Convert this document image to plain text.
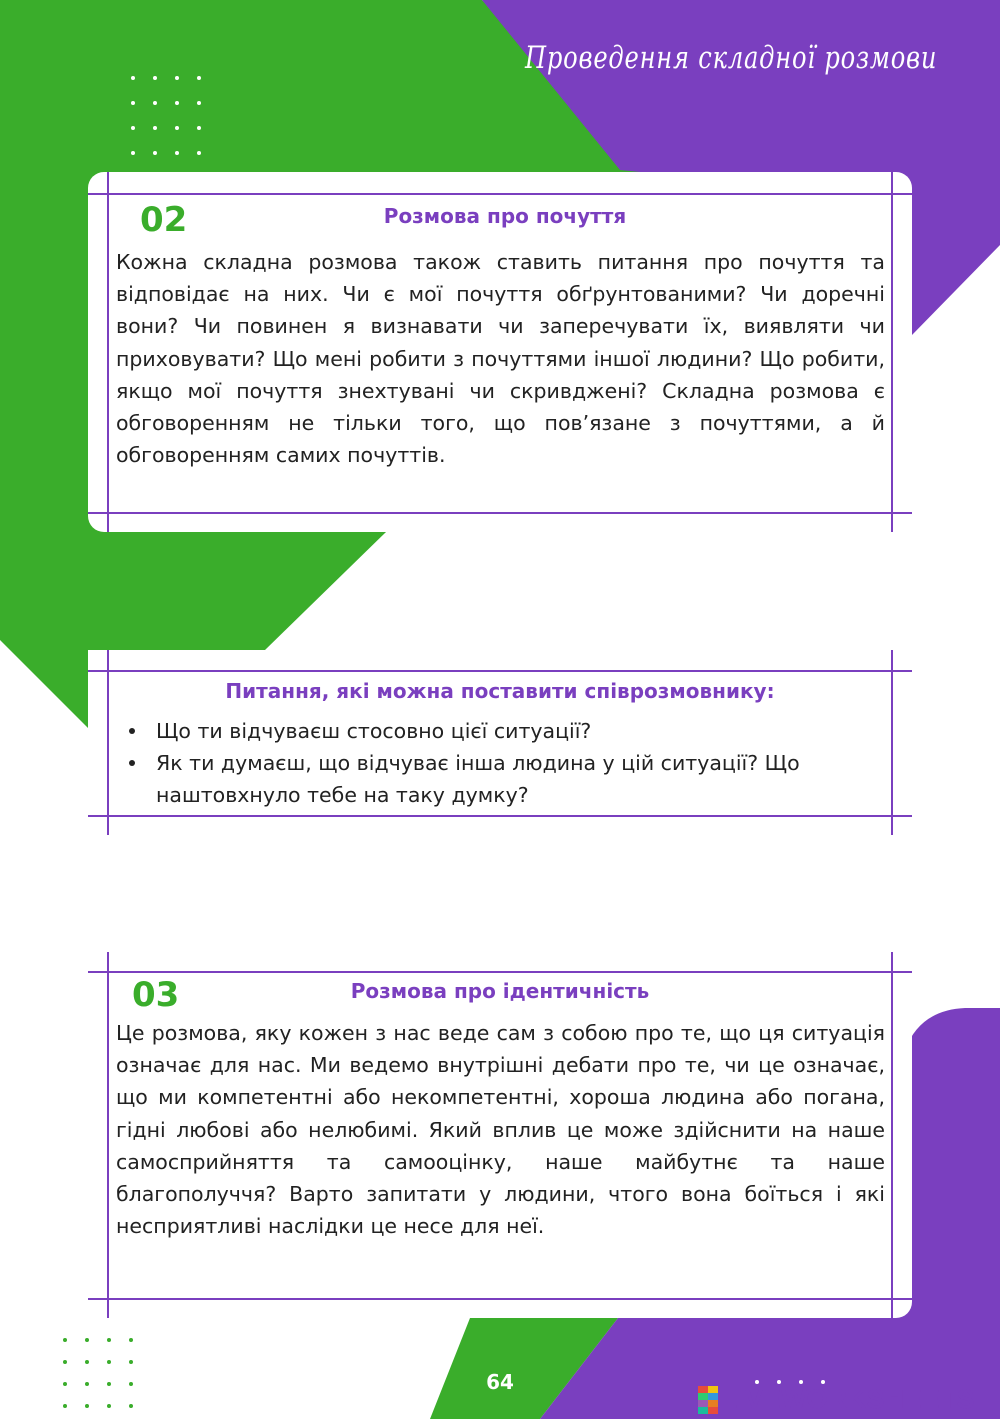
Проведення складної розмови
02	Розмова про почуття

Кожна складна розмова також ставить питання про почуття та відповідає на них. Чи є мої почуття обґрунтованими? Чи доречні вони? Чи повинен я визнавати чи заперечувати їх, виявляти чи приховувати? Що мені робити з почуттями іншої людини? Що робити, якщо мої почуття знехтувані чи скривджені? Складна розмова є обговоренням не тільки того, що пов’язане з почуттями, а й обговоренням самих почуттів.

Питання, які можна поставити співрозмовнику:
Що ти відчуваєш стосовно цієї ситуації?
Як ти думаєш, що відчуває інша людина у цій ситуації? Що наштовхнуло тебе на таку думку?
03	Розмова про ідентичність

Це розмова, яку кожен з нас веде сам з собою про те, що ця ситуація означає для нас. Ми ведемо внутрішні дебати про те, чи це означає, що ми компетентні або некомпетентні, хороша людина або погана, гідні любові або нелюбимі. Який вплив це може здійснити на наше самосприйняття та самооцінку, наше майбутнє та наше благополуччя? Варто запитати у людини, чтого вона боїться і які несприятливі наслідки це несе для неї.

64
LIVEWORKSHEETS
